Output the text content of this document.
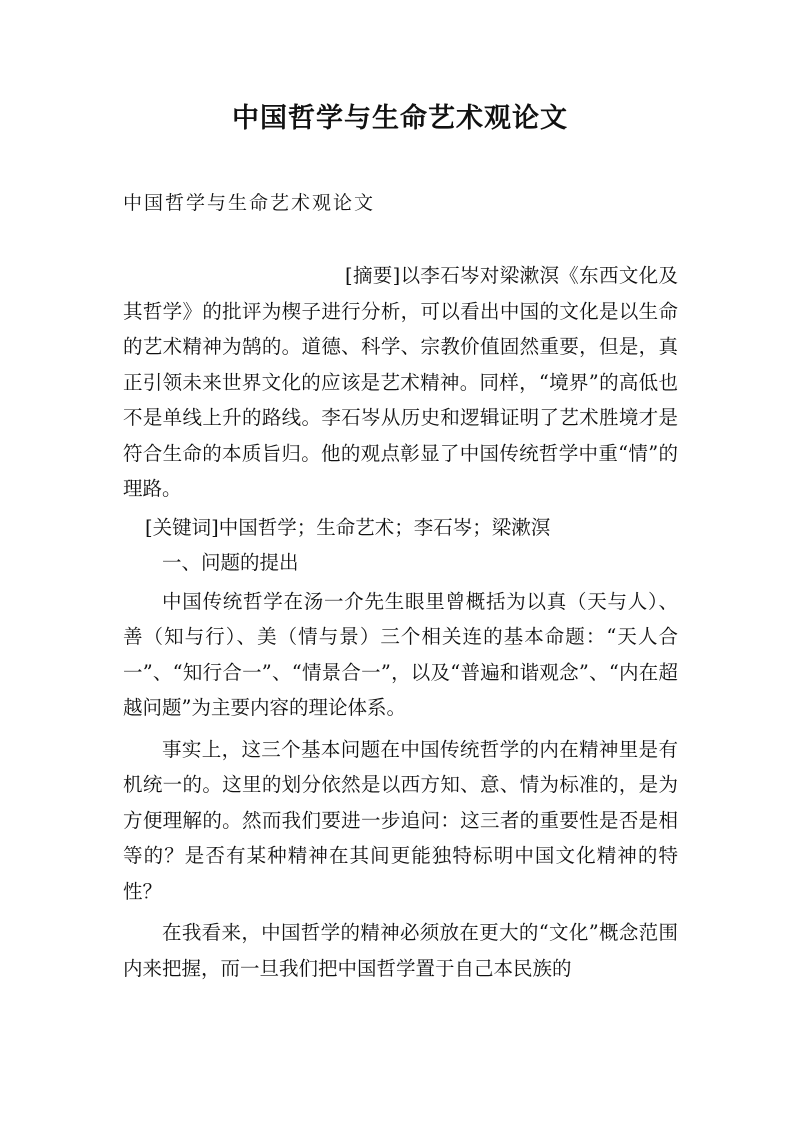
中国哲学与生命艺术观论文

中国哲学与生命艺术观论文

[摘要]以李石岑对梁漱溟《东西文化及其哲学》的批评为楔子进行分析，可以看出中国的文化是以生命的艺术精神为鹄的。道德、科学、宗教价值固然重要，但是，真正引领未来世界文化的应该是艺术精神。同样，“境界”的高低也不是单线上升的路线。李石岑从历史和逻辑证明了艺术胜境才是符合生命的本质旨归。他的观点彰显了中国传统哲学中重“情”的理路。

[关键词]中国哲学；生命艺术；李石岑；梁漱溟

一、问题的提出

中国传统哲学在汤一介先生眼里曾概括为以真（天与人）、善（知与行）、美（情与景）三个相关连的基本命题：“天人合一”、“知行合一”、“情景合一”，以及“普遍和谐观念”、“内在超越问题”为主要内容的理论体系。

事实上，这三个基本问题在中国传统哲学的内在精神里是有机统一的。这里的划分依然是以西方知、意、情为标准的，是为方便理解的。然而我们要进一步追问：这三者的重要性是否是相等的？是否有某种精神在其间更能独特标明中国文化精神的特性？

在我看来，中国哲学的精神必须放在更大的“文化”概念范围内来把握，而一旦我们把中国哲学置于自己本民族的
